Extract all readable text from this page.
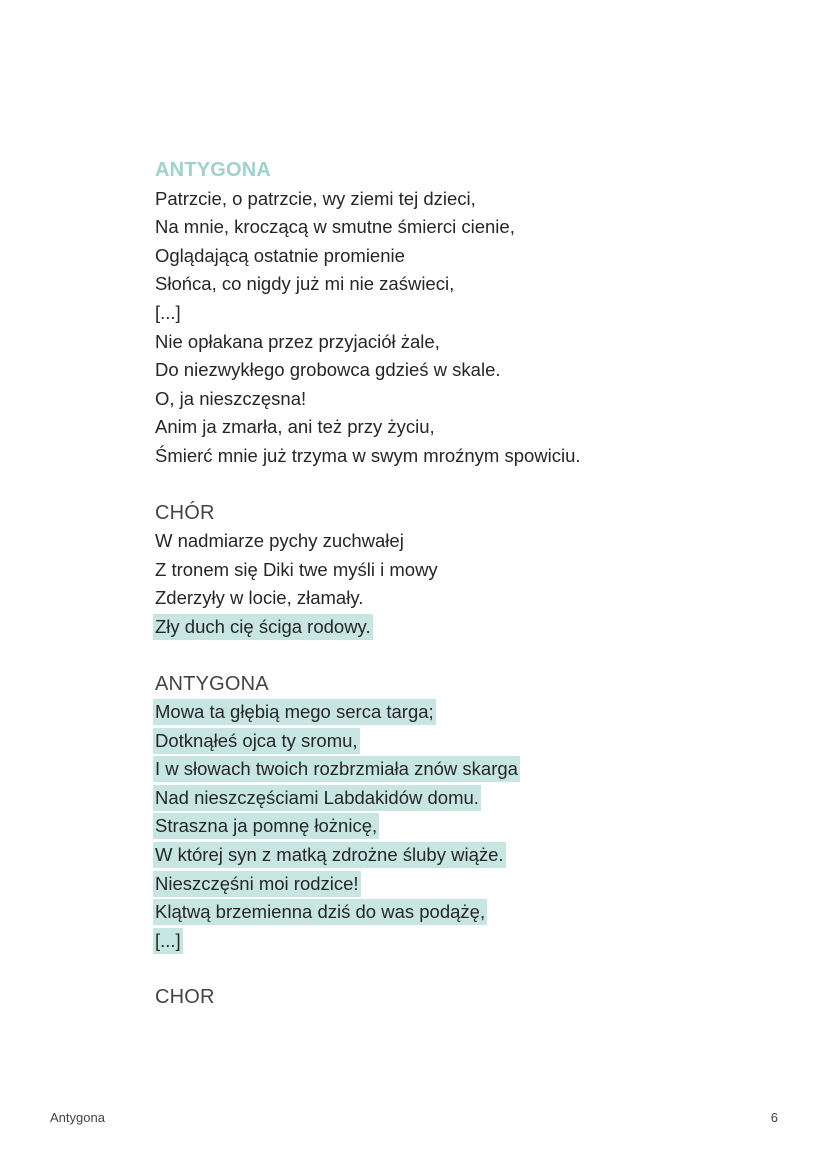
ANTYGONA
Patrzcie, o patrzcie, wy ziemi tej dzieci,
Na mnie, kroczącą w smutne śmierci cienie,
Oglądającą ostatnie promienie
Słońca, co nigdy już mi nie zaświeci,
[...]
Nie opłakana przez przyjaciół żale,
Do niezwykłego grobowca gdzieś w skale.
O, ja nieszczęsna!
Anim ja zmarła, ani też przy życiu,
Śmierć mnie już trzyma w swym mroźnym spowiciu.
CHÓR
W nadmiarze pychy zuchwałej
Z tronem się Diki twe myśli i mowy
Zderzyły w locie, złamały.
Zły duch cię ściga rodowy.
ANTYGONA
Mowa ta głębią mego serca targa;
Dotknąłeś ojca ty sromu,
I w słowach twoich rozbrzmiała znów skarga
Nad nieszczęściami Labdakidów domu.
Straszna ja pomnę łożnicę,
W której syn z matką zdrożne śluby wiąże.
Nieszczęśni moi rodzice!
Klątwą brzemienna dziś do was podążę,
[...]
CHOR
Antygona	6
